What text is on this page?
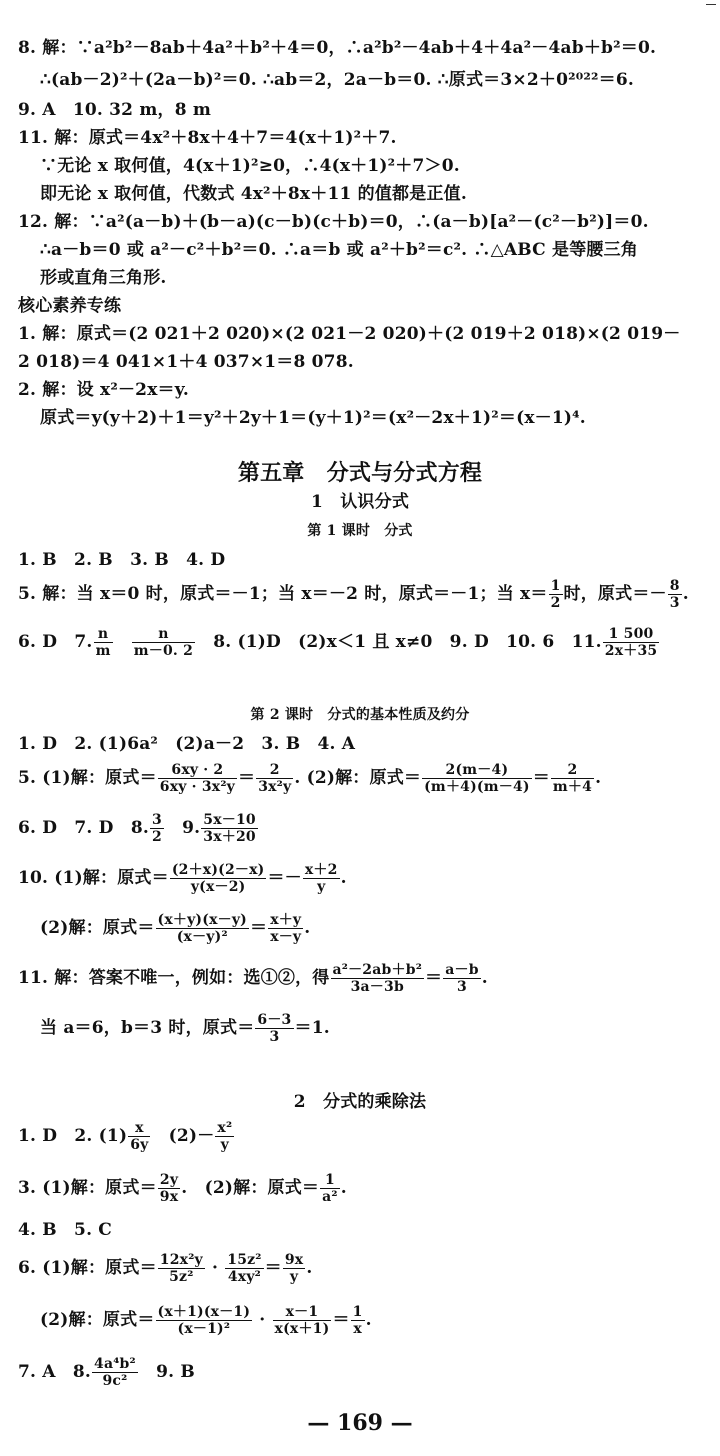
8. 解：∵a²b²－8ab＋4a²＋b²＋4＝0，∴a²b²－4ab＋4＋4a²－4ab＋b²＝0.
∴(ab－2)²＋(2a－b)²＝0. ∴ab＝2，2a－b＝0. ∴原式＝3×2＋0²⁰²²＝6.
9. A　10. 32 m，8 m
11. 解：原式＝4x²＋8x＋4＋7＝4(x＋1)²＋7.
∵无论 x 取何值，4(x＋1)²≥0，∴4(x＋1)²＋7＞0.
即无论 x 取何值，代数式 4x²＋8x＋11 的值都是正值.
12. 解：∵a²(a－b)＋(b－a)(c－b)(c＋b)＝0，∴(a－b)[a²－(c²－b²)]＝0.
∴a－b＝0 或 a²－c²＋b²＝0. ∴a＝b 或 a²＋b²＝c². ∴△ABC 是等腰三角
形或直角三角形.
核心素养专练
1. 解：原式＝(2 021＋2 020)×(2 021－2 020)＋(2 019＋2 018)×(2 019－
2 018)＝4 041×1＋4 037×1＝8 078.
2. 解：设 x²－2x＝y.
原式＝y(y＋2)＋1＝y²＋2y＋1＝(y＋1)²＝(x²－2x＋1)²＝(x－1)⁴.
第五章　分式与分式方程
1　认识分式
第 1 课时　分式
1. B　2. B　3. B　4. D
5. 解：当 x＝0 时，原式＝－1；当 x＝－2 时，原式＝－1；当 $x= \frac{1}{2}$ 时，原式＝－ $\frac{8}{3}$ .
6. D　7. $\frac{n}{m}$
　 $\frac{n}{m-0. 2}$ 　8. (1)D　(2)x＜1 且 x≠0　9. D　10. 6　11. $\frac{1 500}{2x+35}$
第 2 课时　分式的基本性质及约分
1. D　2. (1)6a²　(2)a－2　3. B　4. A
5. (1)解：原式＝ $\frac{6xy \cdot 2}{\text{6xy · 3x²y}} = \frac{2}{\text{3x²y}}$ . (2)解：原式＝ $\frac{2(m-4)}{(m+4)(m-4)} = \frac{2}{m+4}$ .
6. D　7. D　8. $\frac{3}{2}$ 　9. $\frac{5x-10}{3x+20}$
10. (1)解：原式＝ $\frac{(2+x)(2-x)}{y(x-2)} =- \frac{x+2}{y}$ .
(2)解：原式＝ $\frac{(x+y)(x-y)}{\text{(x－y)²}} = \frac{x+y}{x-y}$ .
11. 解：答案不唯一，例如：选①②，得 $\frac{\text{a²－2ab＋b²}}{3a-3b} = \frac{a-b}{3}$ .
当 a＝6，b＝3 时，原式＝ $\frac{6-3}{3} =1$.
2　分式的乘除法
1. D　2. $(1) \frac{x}{6y}$ 　$(2)- \frac{\text{x²}}{y}$
3. (1)解：原式＝ $\frac{2y}{9x}$ .　(2)解：原式＝ $\frac{1}{\text{a²}}$ .
4. B　5. C
6. (1)解：原式＝ $\frac{\text{12x²y}}{\text{5z²}} \cdot \frac{\text{15z²}}{\text{4xy²}} = \frac{9x}{y}$ .
(2)解：原式＝ $\frac{(x+1)(x-1)}{\text{(x－1)²}} \cdot \frac{x-1}{x(x+1)} = \frac{1}{x}$ .
7. A　8. $\frac{\text{4a⁴b²}}{\text{9c²}}$ 　9. B
— 169 —
